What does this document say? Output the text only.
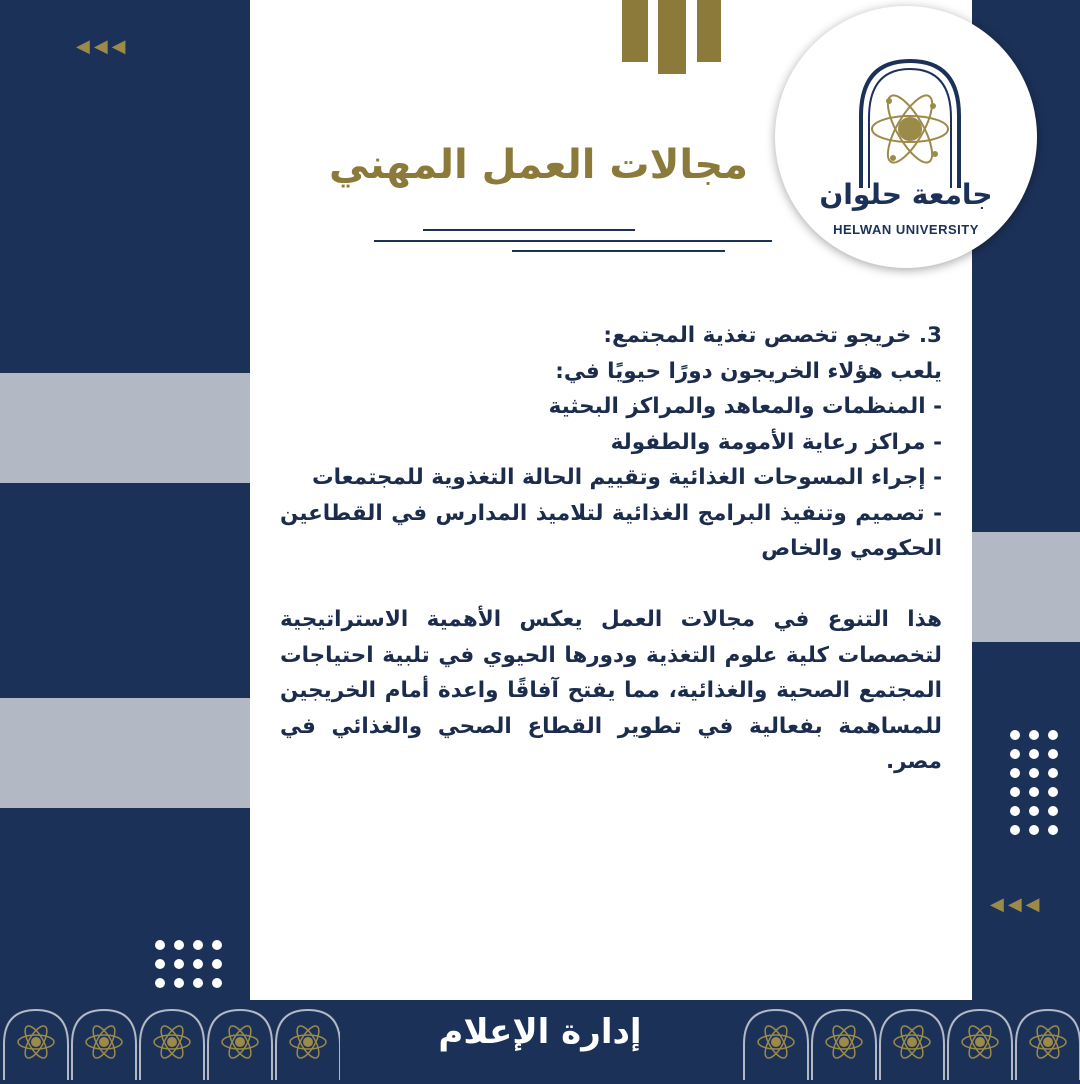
◀◀◀
◀◀◀
مجالات العمل المهني
جامعة حلوان
HELWAN UNIVERSITY

3. خريجو تخصص تغذية المجتمع:

يلعب هؤلاء الخريجون دورًا حيويًا في:

- المنظمات والمعاهد والمراكز البحثية

- مراكز رعاية الأمومة والطفولة

- إجراء المسوحات الغذائية وتقييم الحالة التغذوية للمجتمعات

- تصميم وتنفيذ البرامج الغذائية لتلاميذ المدارس في القطاعين الحكومي والخاص

هذا التنوع في مجالات العمل يعكس الأهمية الاستراتيجية لتخصصات كلية علوم التغذية ودورها الحيوي في تلبية احتياجات المجتمع الصحية والغذائية، مما يفتح آفاقًا واعدة أمام الخريجين للمساهمة بفعالية في تطوير القطاع الصحي والغذائي في مصر.

إدارة الإعلام
